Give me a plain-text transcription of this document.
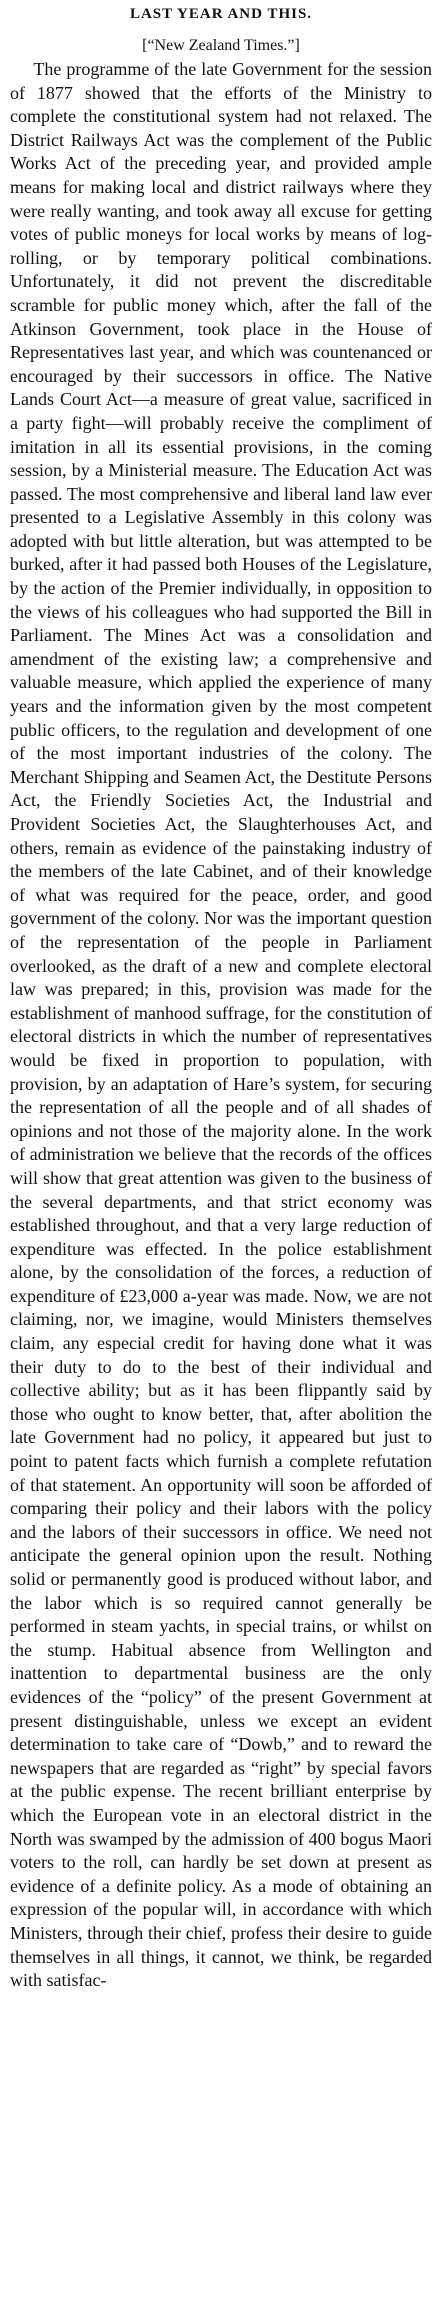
LAST YEAR AND THIS.
[“New Zealand Times.”]

The programme of the late Government for the session of 1877 showed that the efforts of the Ministry to complete the constitutional system had not relaxed. The District Railways Act was the complement of the Public Works Act of the preceding year, and provided ample means for making local and district railways where they were really wanting, and took away all excuse for getting votes of public moneys for local works by means of log-rolling, or by temporary political combinations. Unfortunately, it did not prevent the discreditable scramble for public money which, after the fall of the Atkinson Government, took place in the House of Representatives last year, and which was countenanced or encouraged by their successors in office. The Native Lands Court Act—a measure of great value, sacrificed in a party fight—will probably receive the compliment of imitation in all its essential provisions, in the coming session, by a Ministerial measure. The Education Act was passed. The most comprehensive and liberal land law ever presented to a Legislative Assembly in this colony was adopted with but little alteration, but was attempted to be burked, after it had passed both Houses of the Legislature, by the action of the Premier individually, in opposition to the views of his colleagues who had supported the Bill in Parliament. The Mines Act was a consolidation and amendment of the existing law; a comprehensive and valuable measure, which applied the experience of many years and the information given by the most competent public officers, to the regulation and development of one of the most important industries of the colony. The Merchant Shipping and Seamen Act, the Destitute Persons Act, the Friendly Societies Act, the Industrial and Provident Societies Act, the Slaughterhouses Act, and others, remain as evidence of the painstaking industry of the members of the late Cabinet, and of their knowledge of what was required for the peace, order, and good government of the colony. Nor was the important question of the representation of the people in Parliament overlooked, as the draft of a new and complete electoral law was prepared; in this, provision was made for the establishment of manhood suffrage, for the constitution of electoral districts in which the number of representatives would be fixed in proportion to population, with provision, by an adaptation of Hare’s system, for securing the representation of all the people and of all shades of opinions and not those of the majority alone. In the work of administration we believe that the records of the offices will show that great attention was given to the business of the several departments, and that strict economy was established throughout, and that a very large reduction of expenditure was effected. In the police establishment alone, by the consolidation of the forces, a reduction of expenditure of £23,000 a-year was made. Now, we are not claiming, nor, we imagine, would Ministers themselves claim, any especial credit for having done what it was their duty to do to the best of their individual and collective ability; but as it has been flippantly said by those who ought to know better, that, after abolition the late Government had no policy, it appeared but just to point to patent facts which furnish a complete refutation of that statement. An opportunity will soon be afforded of comparing their policy and their labors with the policy and the labors of their successors in office. We need not anticipate the general opinion upon the result. Nothing solid or permanently good is produced without labor, and the labor which is so required cannot generally be performed in steam yachts, in special trains, or whilst on the stump. Habitual absence from Wellington and inattention to departmental business are the only evidences of the “policy” of the present Government at present distinguishable, unless we except an evident determination to take care of “Dowb,” and to reward the newspapers that are regarded as “right” by special favors at the public expense. The recent brilliant enterprise by which the European vote in an electoral district in the North was swamped by the admission of 400 bogus Maori voters to the roll, can hardly be set down at present as evidence of a definite policy. As a mode of obtaining an expression of the popular will, in accordance with which Ministers, through their chief, profess their desire to guide themselves in all things, it cannot, we think, be regarded with satisfac-
